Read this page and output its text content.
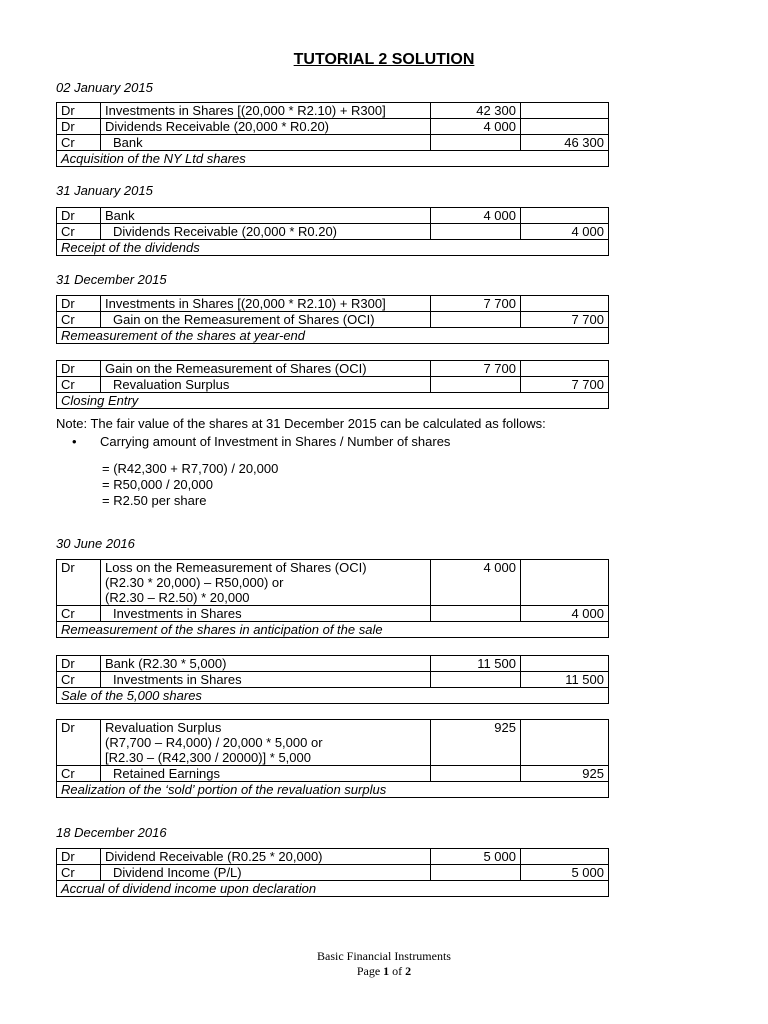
TUTORIAL 2 SOLUTION
02 January 2015
Dr	Investments in Shares [(20,000 * R2.10) + R300]	42 300	
Dr	Dividends Receivable (20,000 * R0.20)	4 000	
Cr	Bank		46 300
Acquisition of the NY Ltd shares			
31 January 2015
Dr	Bank	4 000	
Cr	Dividends Receivable (20,000 * R0.20)		4 000
Receipt of the dividends			
31 December 2015
Dr	Investments in Shares [(20,000 * R2.10) + R300]	7 700	
Cr	Gain on the Remeasurement of Shares (OCI)		7 700
Remeasurement of the shares at year-end			
Dr	Gain on the Remeasurement of Shares (OCI)	7 700	
Cr	Revaluation Surplus		7 700
Closing Entry			
Note: The fair value of the shares at 31 December 2015 can be calculated as follows:
• Carrying amount of Investment in Shares / Number of shares
= (R42,300 + R7,700) / 20,000
= R50,000 / 20,000
= R2.50 per share
30 June 2016
Dr	Loss on the Remeasurement of Shares (OCI)
(R2.30 * 20,000) – R50,000) or
(R2.30 – R2.50) * 20,000	4 000	
Cr	Investments in Shares		4 000
Remeasurement of the shares in anticipation of the sale			
Dr	Bank (R2.30 * 5,000)	11 500	
Cr	Investments in Shares		11 500
Sale of the 5,000 shares			
Dr	Revaluation Surplus
(R7,700 – R4,000) / 20,000 * 5,000 or
[R2.30 – (R42,300 / 20000)] * 5,000	925	
Cr	Retained Earnings		925
Realization of the ‘sold’ portion of the revaluation surplus			
18 December 2016
Dr	Dividend Receivable (R0.25 * 20,000)	5 000	
Cr	Dividend Income (P/L)		5 000
Accrual of dividend income upon declaration			
Basic Financial Instruments
Page 1 of 2
